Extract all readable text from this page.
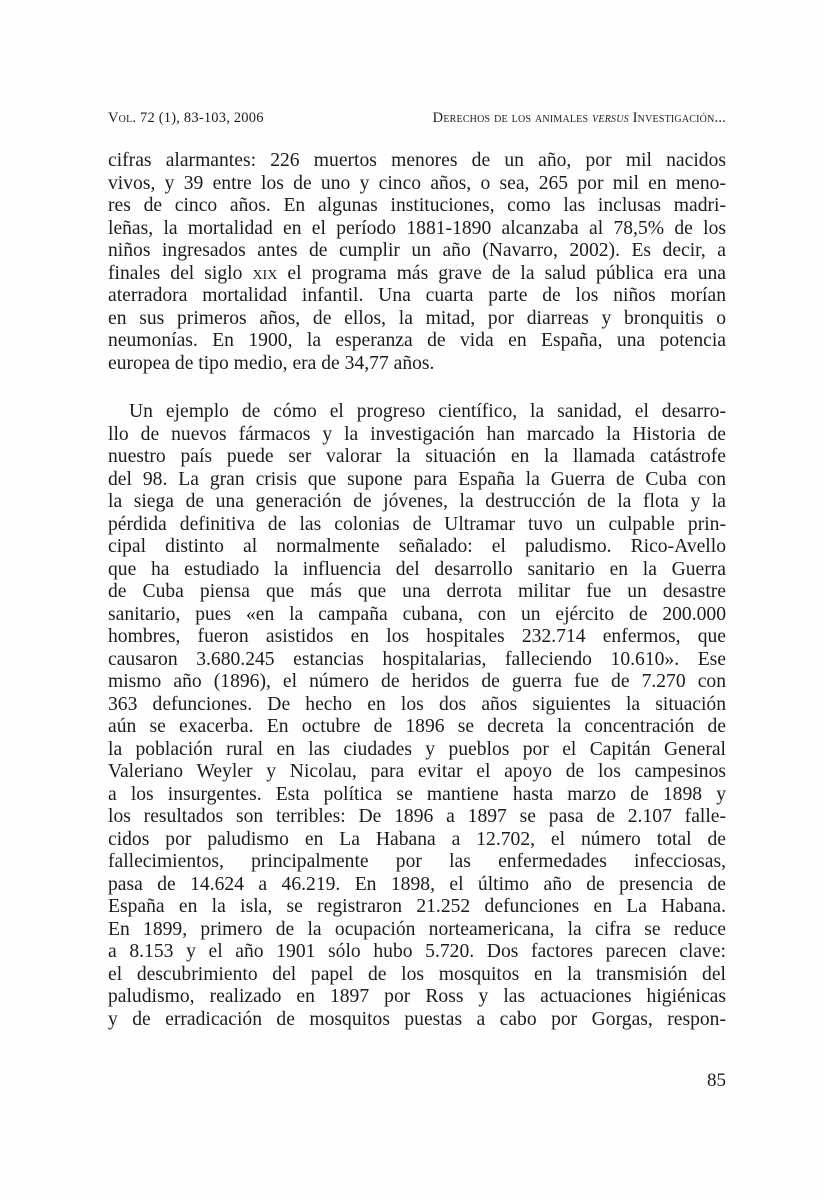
Vol. 72 (1), 83-103, 2006	Derechos de los animales versus Investigación...
cifras alarmantes: 226 muertos menores de un año, por mil nacidos
vivos, y 39 entre los de uno y cinco años, o sea, 265 por mil en meno-
res de cinco años. En algunas instituciones, como las inclusas madri-
leñas, la mortalidad en el período 1881-1890 alcanzaba al 78,5% de los
niños ingresados antes de cumplir un año (Navarro, 2002). Es decir, a
finales del siglo xix el programa más grave de la salud pública era una
aterradora mortalidad infantil. Una cuarta parte de los niños morían
en sus primeros años, de ellos, la mitad, por diarreas y bronquitis o
neumonías. En 1900, la esperanza de vida en España, una potencia
europea de tipo medio, era de 34,77 años.
Un ejemplo de cómo el progreso científico, la sanidad, el desarro-
llo de nuevos fármacos y la investigación han marcado la Historia de
nuestro país puede ser valorar la situación en la llamada catástrofe
del 98. La gran crisis que supone para España la Guerra de Cuba con
la siega de una generación de jóvenes, la destrucción de la flota y la
pérdida definitiva de las colonias de Ultramar tuvo un culpable prin-
cipal distinto al normalmente señalado: el paludismo. Rico-Avello
que ha estudiado la influencia del desarrollo sanitario en la Guerra
de Cuba piensa que más que una derrota militar fue un desastre
sanitario, pues «en la campaña cubana, con un ejército de 200.000
hombres, fueron asistidos en los hospitales 232.714 enfermos, que
causaron 3.680.245 estancias hospitalarias, falleciendo 10.610». Ese
mismo año (1896), el número de heridos de guerra fue de 7.270 con
363 defunciones. De hecho en los dos años siguientes la situación
aún se exacerba. En octubre de 1896 se decreta la concentración de
la población rural en las ciudades y pueblos por el Capitán General
Valeriano Weyler y Nicolau, para evitar el apoyo de los campesinos
a los insurgentes. Esta política se mantiene hasta marzo de 1898 y
los resultados son terribles: De 1896 a 1897 se pasa de 2.107 falle-
cidos por paludismo en La Habana a 12.702, el número total de
fallecimientos, principalmente por las enfermedades infecciosas,
pasa de 14.624 a 46.219. En 1898, el último año de presencia de
España en la isla, se registraron 21.252 defunciones en La Habana.
En 1899, primero de la ocupación norteamericana, la cifra se reduce
a 8.153 y el año 1901 sólo hubo 5.720. Dos factores parecen clave:
el descubrimiento del papel de los mosquitos en la transmisión del
paludismo, realizado en 1897 por Ross y las actuaciones higiénicas
y de erradicación de mosquitos puestas a cabo por Gorgas, respon-
85
